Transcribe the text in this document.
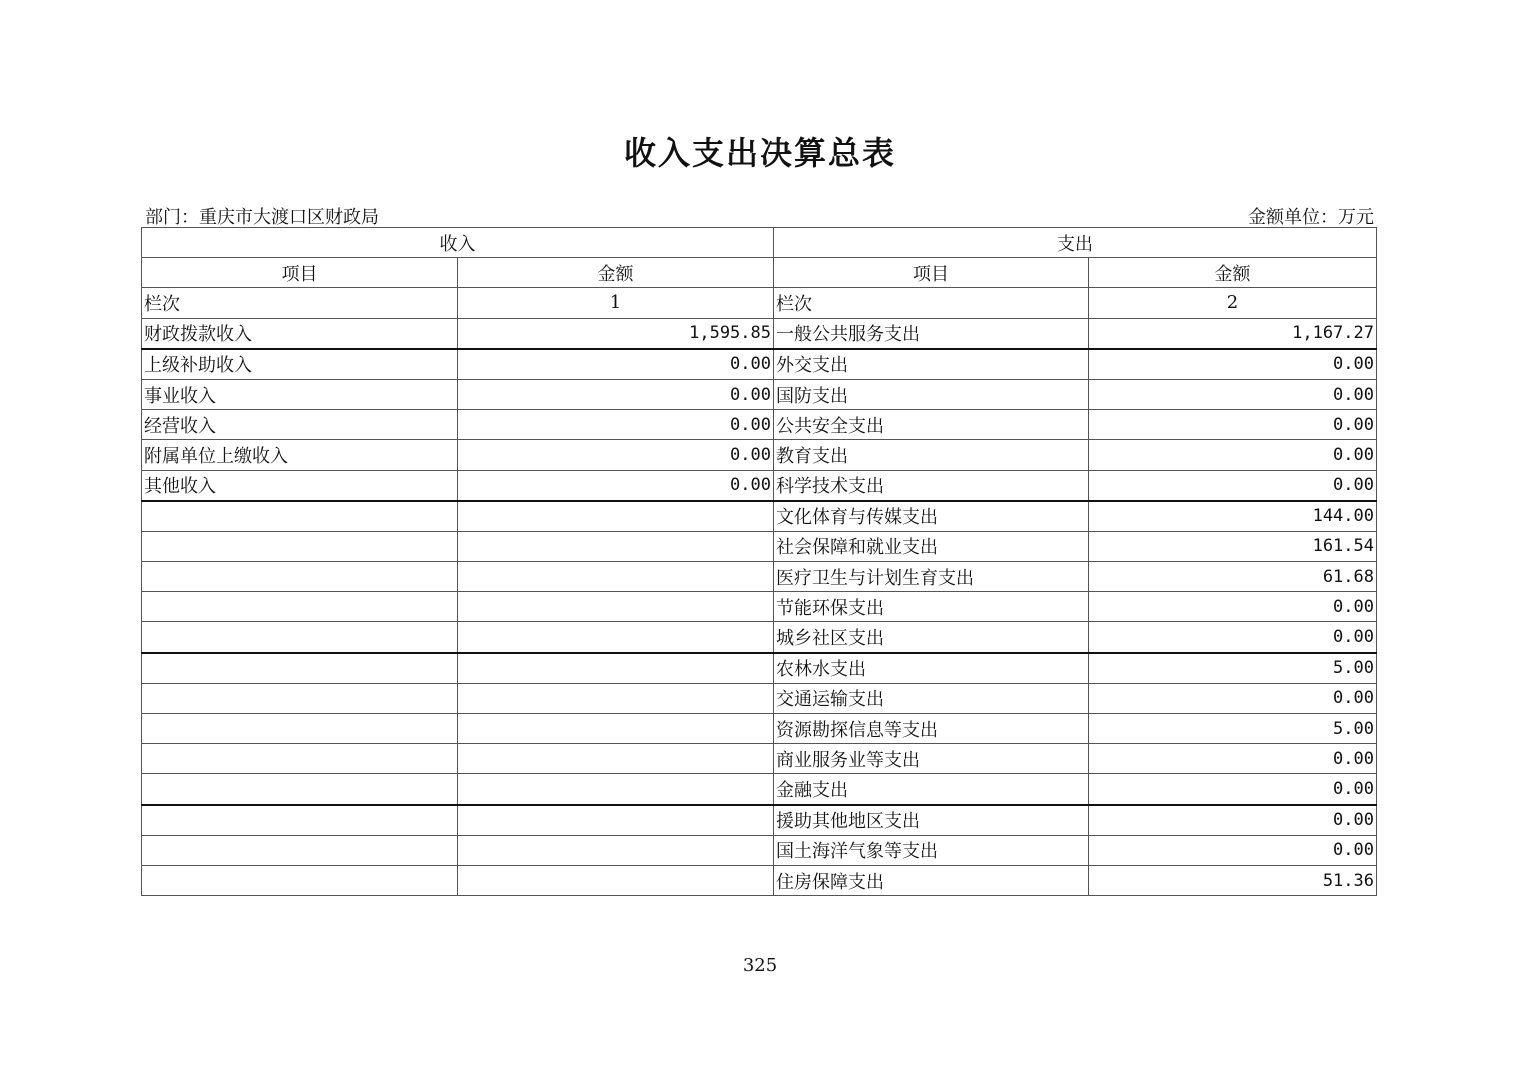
收入支出决算总表
部门：重庆市大渡口区财政局	金额单位：万元
收入		支出	
项目	金额	项目	金额
栏次	1	栏次	2
财政拨款收入	1,595.85	一般公共服务支出	1,167.27
上级补助收入	0.00	外交支出	0.00
事业收入	0.00	国防支出	0.00
经营收入	0.00	公共安全支出	0.00
附属单位上缴收入	0.00	教育支出	0.00
其他收入	0.00	科学技术支出	0.00
		文化体育与传媒支出	144.00
		社会保障和就业支出	161.54
		医疗卫生与计划生育支出	61.68
		节能环保支出	0.00
		城乡社区支出	0.00
		农林水支出	5.00
		交通运输支出	0.00
		资源勘探信息等支出	5.00
		商业服务业等支出	0.00
		金融支出	0.00
		援助其他地区支出	0.00
		国土海洋气象等支出	0.00
		住房保障支出	51.36
325
